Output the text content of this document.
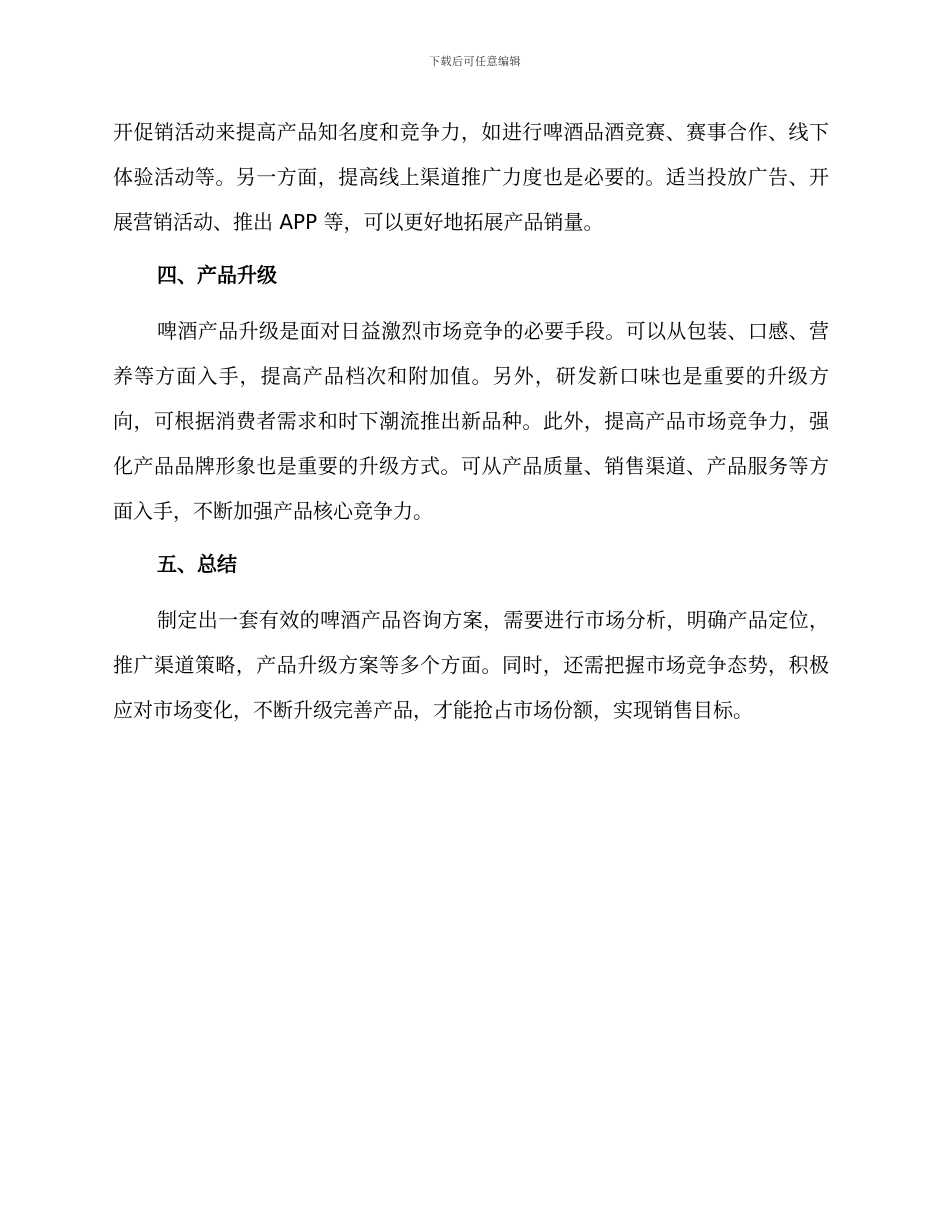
下载后可任意编辑

开促销活动来提高产品知名度和竞争力，如进行啤酒品酒竞赛、赛事合作、线下体验活动等。另一方面，提高线上渠道推广力度也是必要的。适当投放广告、开展营销活动、推出 APP 等，可以更好地拓展产品销量。

四、产品升级

啤酒产品升级是面对日益激烈市场竞争的必要手段。可以从包装、口感、营养等方面入手，提高产品档次和附加值。另外，研发新口味也是重要的升级方向，可根据消费者需求和时下潮流推出新品种。此外，提高产品市场竞争力，强化产品品牌形象也是重要的升级方式。可从产品质量、销售渠道、产品服务等方面入手，不断加强产品核心竞争力。

五、总结

制定出一套有效的啤酒产品咨询方案，需要进行市场分析，明确产品定位，推广渠道策略，产品升级方案等多个方面。同时，还需把握市场竞争态势，积极应对市场变化，不断升级完善产品，才能抢占市场份额，实现销售目标。
